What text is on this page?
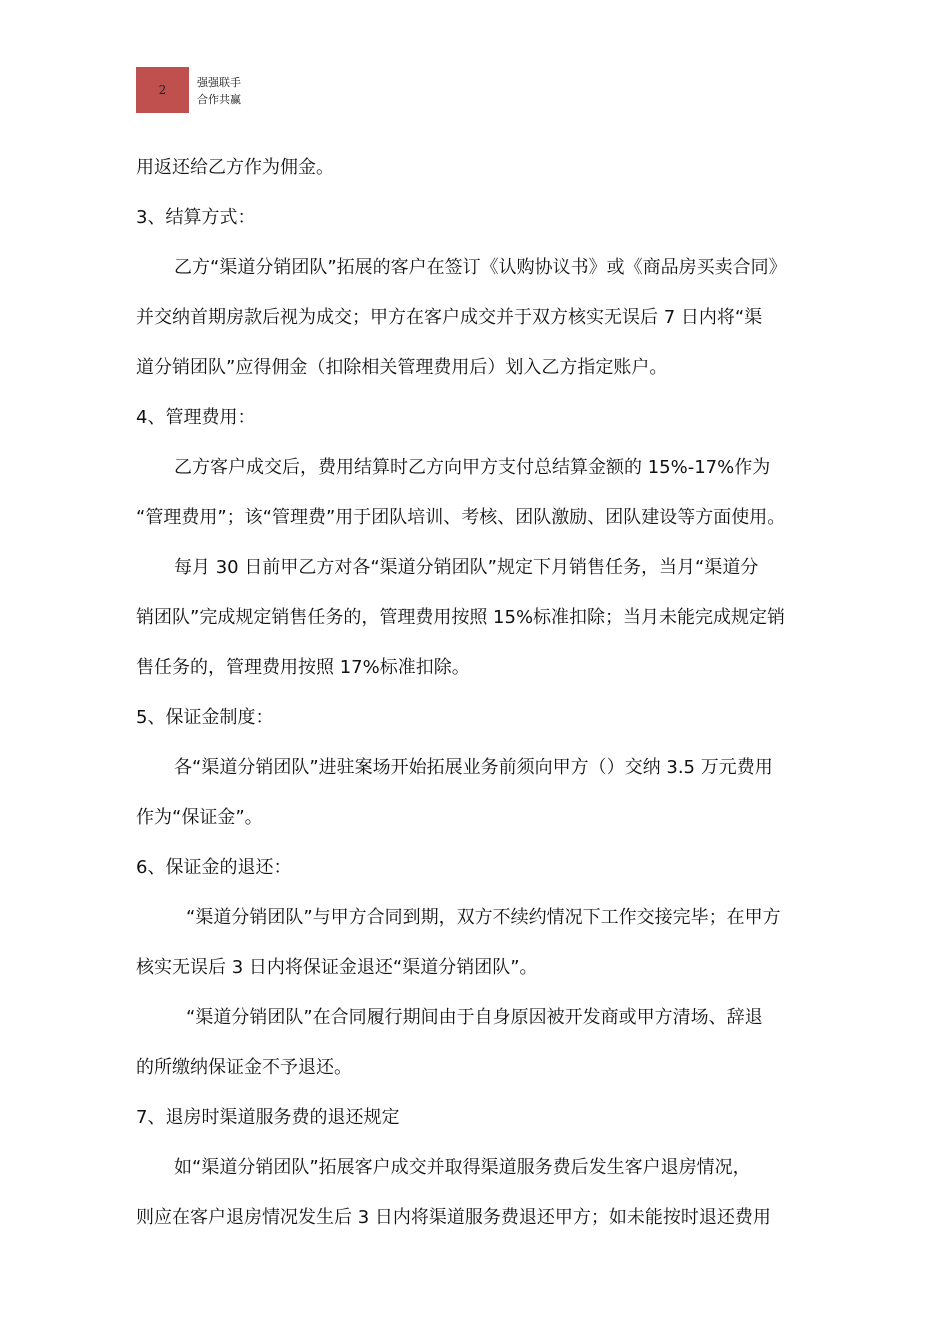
2
强强联手
合作共赢
用返还给乙方作为佣金。
3、结算方式：
乙方“渠道分销团队”拓展的客户在签订《认购协议书》或《商品房买卖合同》
并交纳首期房款后视为成交；甲方在客户成交并于双方核实无误后 7 日内将“渠
道分销团队”应得佣金（扣除相关管理费用后）划入乙方指定账户。
4、管理费用：
乙方客户成交后，费用结算时乙方向甲方支付总结算金额的 15%-17%作为
“管理费用”；该“管理费”用于团队培训、考核、团队激励、团队建设等方面使用。
每月 30 日前甲乙方对各“渠道分销团队”规定下月销售任务，当月“渠道分
销团队”完成规定销售任务的，管理费用按照 15%标准扣除；当月未能完成规定销
售任务的，管理费用按照 17%标准扣除。
5、保证金制度：
各“渠道分销团队”进驻案场开始拓展业务前须向甲方（）交纳 3.5 万元费用
作为“保证金”。
6、保证金的退还：
“渠道分销团队”与甲方合同到期，双方不续约情况下工作交接完毕；在甲方
核实无误后 3 日内将保证金退还“渠道分销团队”。
“渠道分销团队”在合同履行期间由于自身原因被开发商或甲方清场、辞退
的所缴纳保证金不予退还。
7、退房时渠道服务费的退还规定
如“渠道分销团队”拓展客户成交并取得渠道服务费后发生客户退房情况，
则应在客户退房情况发生后 3 日内将渠道服务费退还甲方；如未能按时退还费用
